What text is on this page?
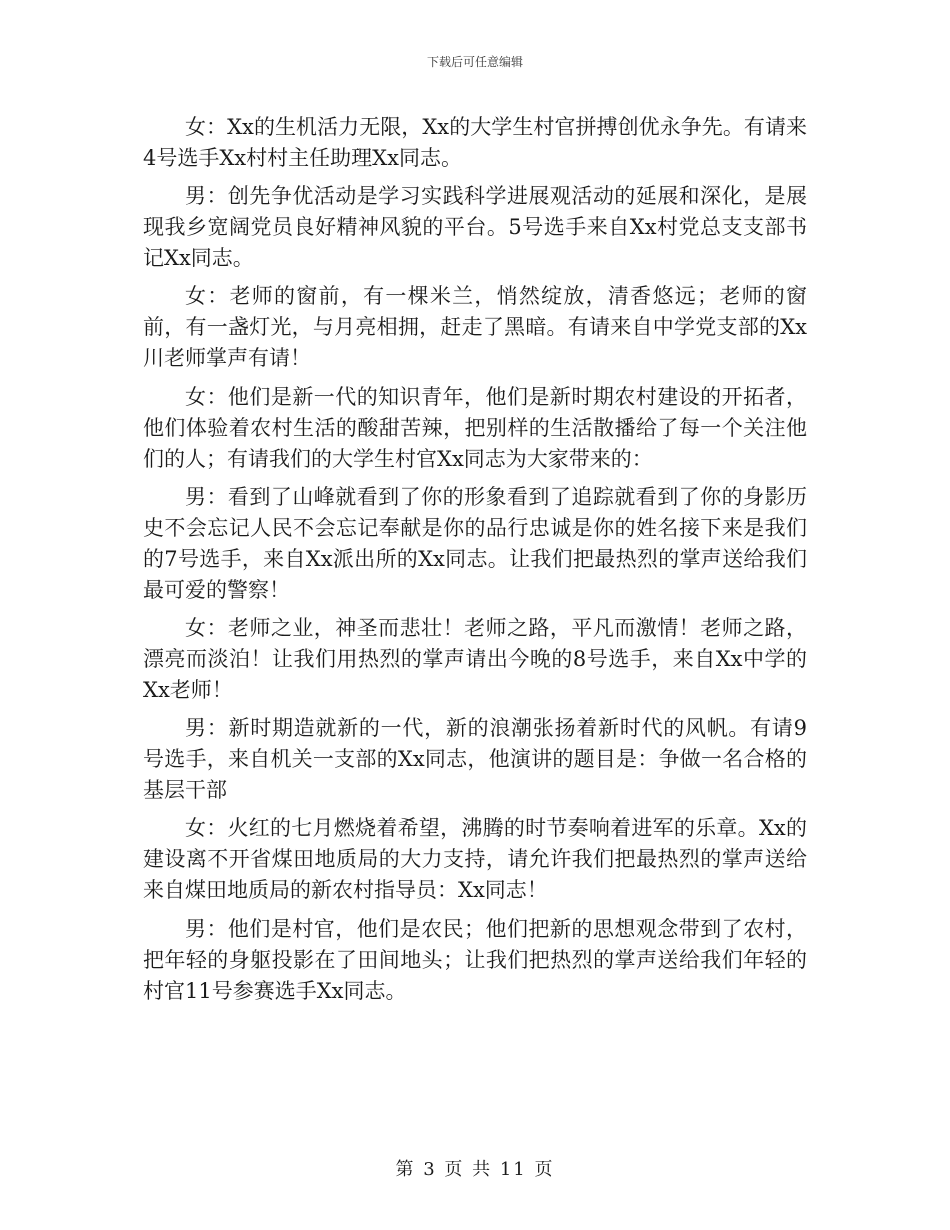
下载后可任意编辑

女：Xx的生机活力无限，Xx的大学生村官拼搏创优永争先。有请来4号选手Xx村村主任助理Xx同志。

男：创先争优活动是学习实践科学进展观活动的延展和深化，是展现我乡宽阔党员良好精神风貌的平台。5号选手来自Xx村党总支支部书记Xx同志。

女：老师的窗前，有一棵米兰，悄然绽放，清香悠远；老师的窗前，有一盏灯光，与月亮相拥，赶走了黑暗。有请来自中学党支部的Xx川老师掌声有请！

女：他们是新一代的知识青年，他们是新时期农村建设的开拓者，他们体验着农村生活的酸甜苦辣，把别样的生活散播给了每一个关注他们的人；有请我们的大学生村官Xx同志为大家带来的：

男：看到了山峰就看到了你的形象看到了追踪就看到了你的身影历史不会忘记人民不会忘记奉献是你的品行忠诚是你的姓名接下来是我们的7号选手，来自Xx派出所的Xx同志。让我们把最热烈的掌声送给我们最可爱的警察！

女：老师之业，神圣而悲壮！老师之路，平凡而激情！老师之路，漂亮而淡泊！让我们用热烈的掌声请出今晚的8号选手，来自Xx中学的Xx老师！

男：新时期造就新的一代，新的浪潮张扬着新时代的风帆。有请9号选手，来自机关一支部的Xx同志，他演讲的题目是：争做一名合格的基层干部

女：火红的七月燃烧着希望，沸腾的时节奏响着进军的乐章。Xx的建设离不开省煤田地质局的大力支持，请允许我们把最热烈的掌声送给来自煤田地质局的新农村指导员：Xx同志！

男：他们是村官，他们是农民；他们把新的思想观念带到了农村，把年轻的身躯投影在了田间地头；让我们把热烈的掌声送给我们年轻的村官11号参赛选手Xx同志。

第 3 页 共 11 页
